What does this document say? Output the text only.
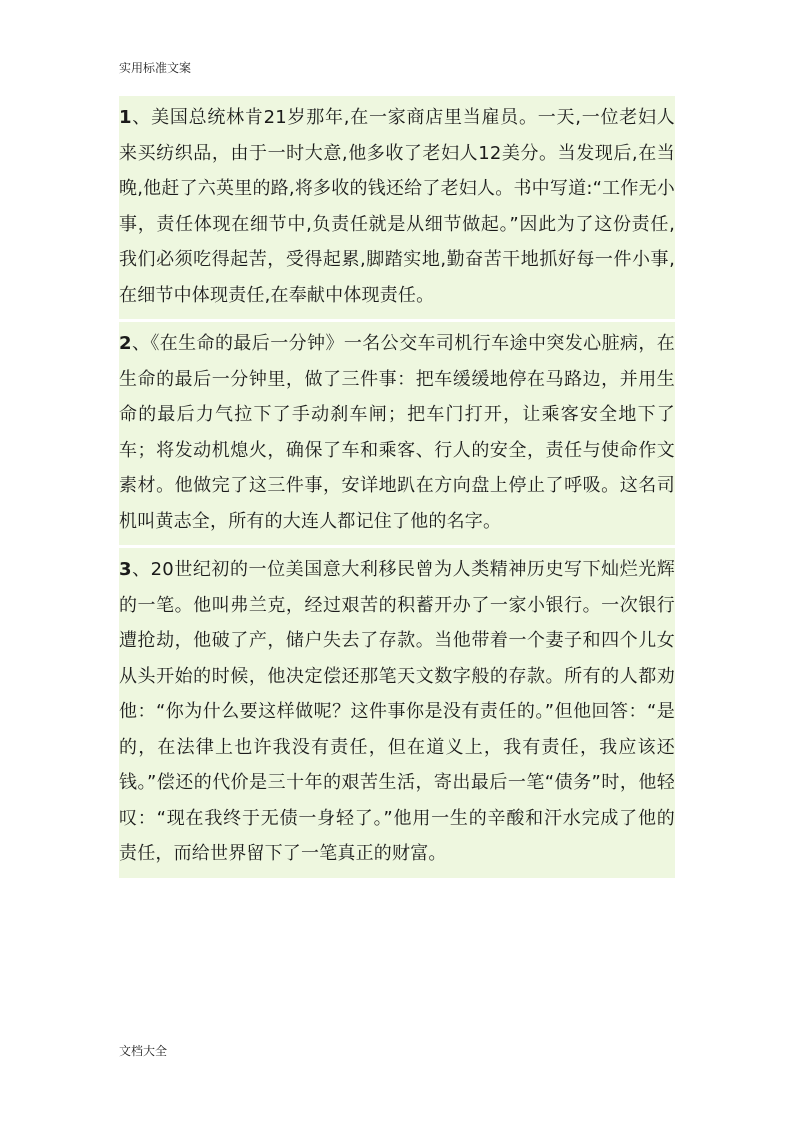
实用标准文案

1、美国总统林肯21岁那年,在一家商店里当雇员。一天,一位老妇人来买纺织品，由于一时大意,他多收了老妇人12美分。当发现后,在当晚,他赶了六英里的路,将多收的钱还给了老妇人。书中写道:“工作无小事，责任体现在细节中,负责任就是从细节做起。”因此为了这份责任,我们必须吃得起苦，受得起累,脚踏实地,勤奋苦干地抓好每一件小事,在细节中体现责任,在奉献中体现责任。

2、《在生命的最后一分钟》一名公交车司机行车途中突发心脏病，在生命的最后一分钟里，做了三件事：把车缓缓地停在马路边，并用生命的最后力气拉下了手动刹车闸；把车门打开，让乘客安全地下了车；将发动机熄火，确保了车和乘客、行人的安全，责任与使命作文素材。他做完了这三件事，安详地趴在方向盘上停止了呼吸。这名司机叫黄志全，所有的大连人都记住了他的名字。

3、20世纪初的一位美国意大利移民曾为人类精神历史写下灿烂光辉的一笔。他叫弗兰克，经过艰苦的积蓄开办了一家小银行。一次银行遭抢劫，他破了产，储户失去了存款。当他带着一个妻子和四个儿女从头开始的时候，他决定偿还那笔天文数字般的存款。所有的人都劝他：“你为什么要这样做呢？这件事你是没有责任的。”但他回答：“是的，在法律上也许我没有责任，但在道义上，我有责任，我应该还钱。”偿还的代价是三十年的艰苦生活，寄出最后一笔“债务”时，他轻叹：“现在我终于无债一身轻了。”他用一生的辛酸和汗水完成了他的责任，而给世界留下了一笔真正的财富。

文档大全
